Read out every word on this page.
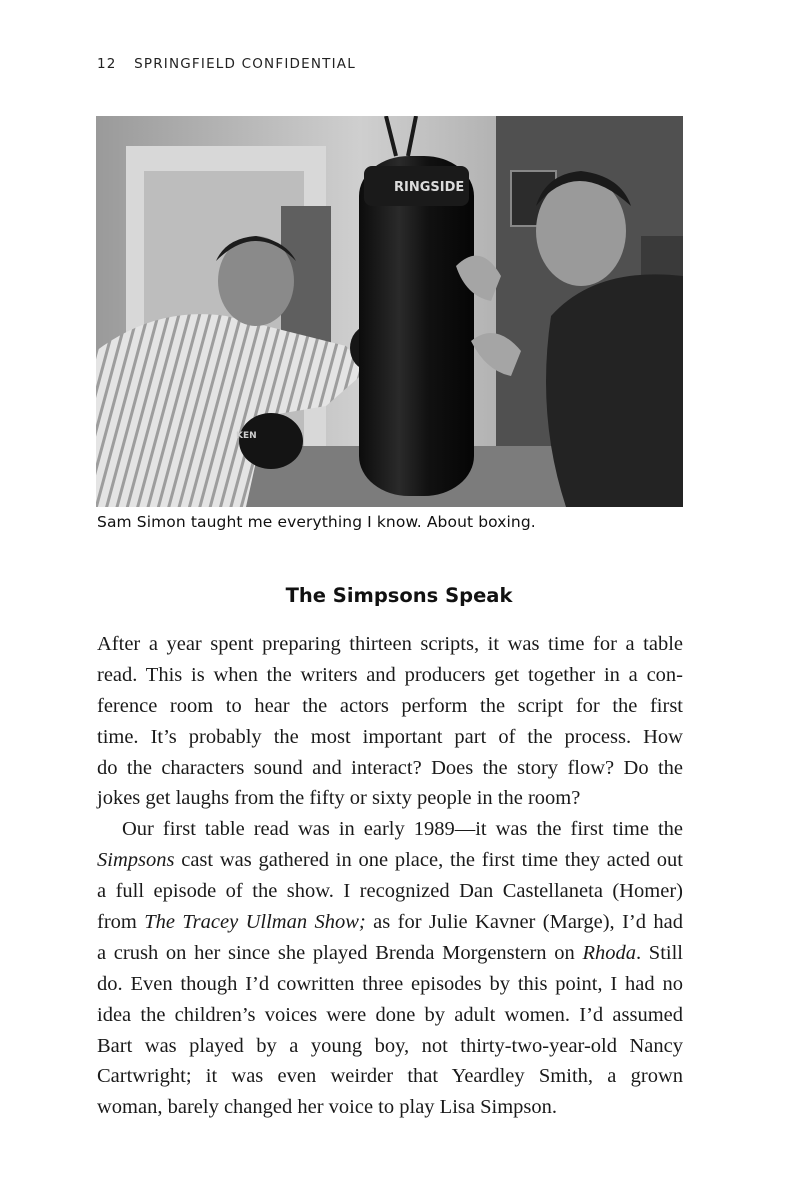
12 SPRINGFIELD CONFIDENTIAL
RINGSIDE
KEN
Sam Simon taught me everything I know. About boxing.
The Simpsons Speak
After a year spent preparing thirteen scripts, it was time for a table
read. This is when the writers and producers get together in a con-
ference room to hear the actors perform the script for the first
time. It’s probably the most important part of the process. How
do the characters sound and interact? Does the story flow? Do the
jokes get laughs from the fifty or sixty people in the room?
Our first table read was in early 1989—it was the first time the
Simpsons cast was gathered in one place, the first time they acted out
a full episode of the show. I recognized Dan Castellaneta (Homer)
from The Tracey Ullman Show; as for Julie Kavner (Marge), I’d had
a crush on her since she played Brenda Morgenstern on Rhoda. Still
do. Even though I’d cowritten three episodes by this point, I had no
idea the children’s voices were done by adult women. I’d assumed
Bart was played by a young boy, not thirty-two-year-old Nancy
Cartwright; it was even weirder that Yeardley Smith, a grown
woman, barely changed her voice to play Lisa Simpson.
